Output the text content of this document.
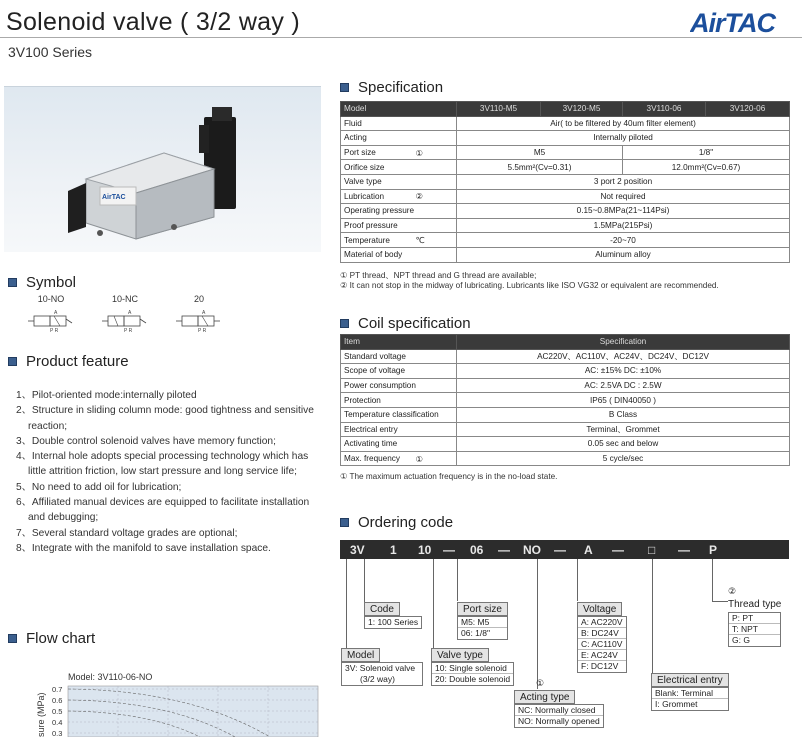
Solenoid valve ( 3/2 way )
3V100 Series
AirTAC
AirTAC
Symbol
10-NO
A
P R
10-NC
A
P R
20
A
P R
Product feature
1、Pilot-oriented mode:internally piloted
2、Structure in sliding column mode: good tightness and sensitive reaction;
3、Double control solenoid valves have memory function;
4、Internal hole adopts special processing technology which has little attrition friction, low start pressure and long service life;
5、No need to add oil for lubrication;
6、Affiliated manual devices are equipped to facilitate installation and debugging;
7、Several standard voltage grades are optional;
8、Integrate with the manifold to save installation space.
Flow chart
Model: 3V110-06-NO
sure (MPa)
0.7
0.6
0.5
0.4
0.3
Specification
Model		3V110-M5	3V120-M5	3V110-06	3V120-06
Fluid		Air( to be filtered by 40um filter element)			
Acting		Internally piloted			
Port size	①	M5		1/8"	
Orifice size		5.5mm²(Cv=0.31)		12.0mm²(Cv=0.67)	
Valve type		3 port 2 position			
Lubrication	②	Not required			
Operating pressure		0.15~0.8MPa(21~114Psi)			
Proof pressure		1.5MPa(215Psi)			
Temperature	℃	-20~70			
Material of body		Aluminum alloy			
① PT thread、NPT thread and G thread are available;
② It can not stop in the midway of lubricating. Lubricants like ISO VG32 or equivalent are recommended.
Coil specification
Item		Specification
Standard voltage		AC220V、AC110V、AC24V、DC24V、DC12V
Scope of voltage		AC: ±15% DC: ±10%
Power consumption		AC: 2.5VA DC : 2.5W
Protection		IP65 ( DIN40050 )
Temperature classification		B Class
Electrical entry		Terminal、Grommet
Activating time		0.05 sec and below
Max. frequency	①	5 cycle/sec
① The maximum actuation frequency is in the no-load state.
Ordering code
3V 1 10 — 06 — NO — A — □ — P
Code
1: 100 Series
Port size
M5: M5
06: 1/8"
Voltage
A: AC220V
B: DC24V
C: AC110V
E: AC24V
F: DC12V
②
Thread type
P: PT
T: NPT
G: G
Model
3V: Solenoid valve
(3/2 way)
Valve type
10: Single solenoid
20: Double solenoid	①
Acting type
NC: Normally closed
NO: Normally opened
Electrical entry
Blank: Terminal
I: Grommet
